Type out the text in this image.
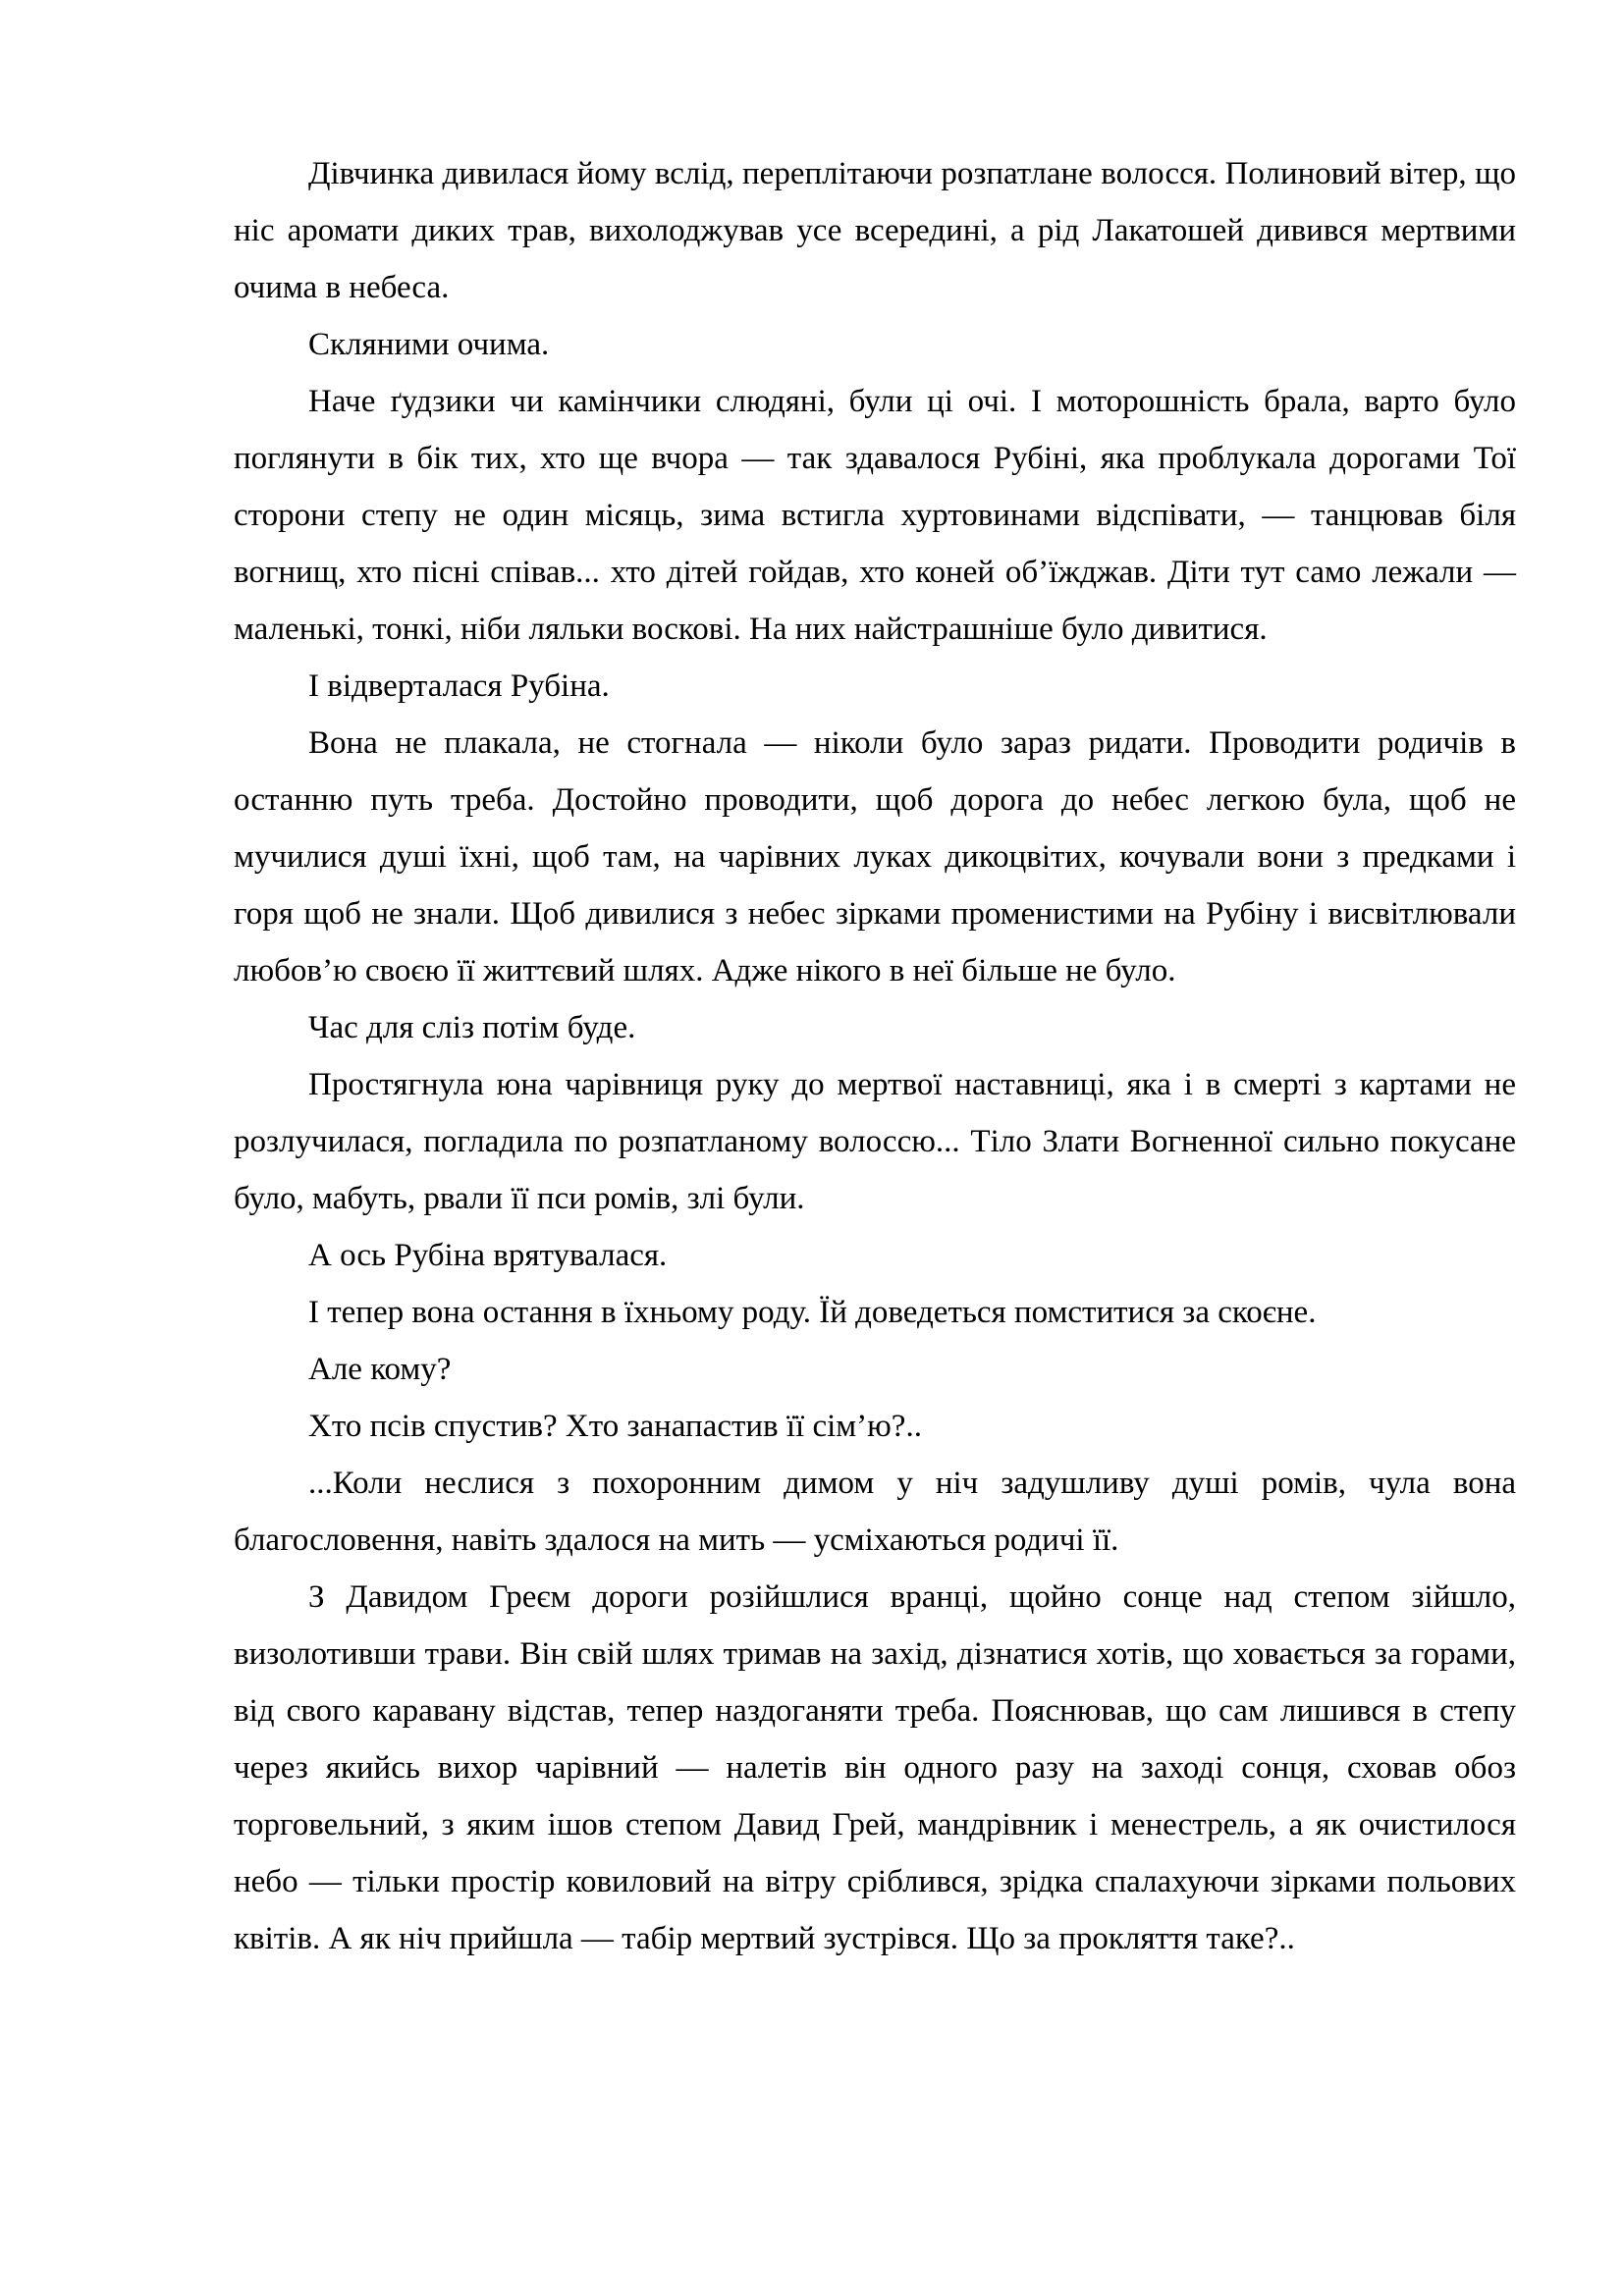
Дівчинка дивилася йому вслід, переплітаючи розпатлане волосся. Полиновий вітер, що ніс аромати диких трав, вихолоджував усе всередині, а рід Лакатошей дивився мертвими очима в небеса.

Скляними очима.

Наче ґудзики чи камінчики слюдяні, були ці очі. І моторошність брала, варто було поглянути в бік тих, хто ще вчора — так здавалося Рубіні, яка проблукала дорогами Тої сторони степу не один місяць, зима встигла хуртовинами відспівати, — танцював біля вогнищ, хто пісні співав... хто дітей гойдав, хто коней об’їжджав. Діти тут само лежали — маленькі, тонкі, ніби ляльки воскові. На них найстрашніше було дивитися.

І відверталася Рубіна.

Вона не плакала, не стогнала — ніколи було зараз ридати. Проводити родичів в останню путь треба. Достойно проводити, щоб дорога до небес легкою була, щоб не мучилися душі їхні, щоб там, на чарівних луках дикоцвітих, кочували вони з предками і горя щоб не знали. Щоб дивилися з небес зірками променистими на Рубіну і висвітлювали любов’ю своєю її життєвий шлях. Адже нікого в неї більше не було.

Час для сліз потім буде.

Простягнула юна чарівниця руку до мертвої наставниці, яка і в смерті з картами не розлучилася, погладила по розпатланому волоссю... Тіло Злати Вогненної сильно покусане було, мабуть, рвали її пси ромів, злі були.

А ось Рубіна врятувалася.

І тепер вона остання в їхньому роду. Їй доведеться помститися за скоєне.

Але кому?

Хто псів спустив? Хто занапастив її сім’ю?..

...Коли неслися з похоронним димом у ніч задушливу душі ромів, чула вона благословення, навіть здалося на мить — усміхаються родичі її.

З Давидом Греєм дороги розійшлися вранці, щойно сонце над степом зійшло, визолотивши трави. Він свій шлях тримав на захід, дізнатися хотів, що ховається за горами, від свого каравану відстав, тепер наздоганяти треба. Пояснював, що сам лишився в степу через якийсь вихор чарівний — налетів він одного разу на заході сонця, сховав обоз торговельний, з яким ішов степом Давид Грей, мандрівник і менестрель, а як очистилося небо — тільки простір ковиловий на вітру сріблився, зрідка спалахуючи зірками польових квітів. А як ніч прийшла — табір мертвий зустрівся. Що за прокляття таке?..
